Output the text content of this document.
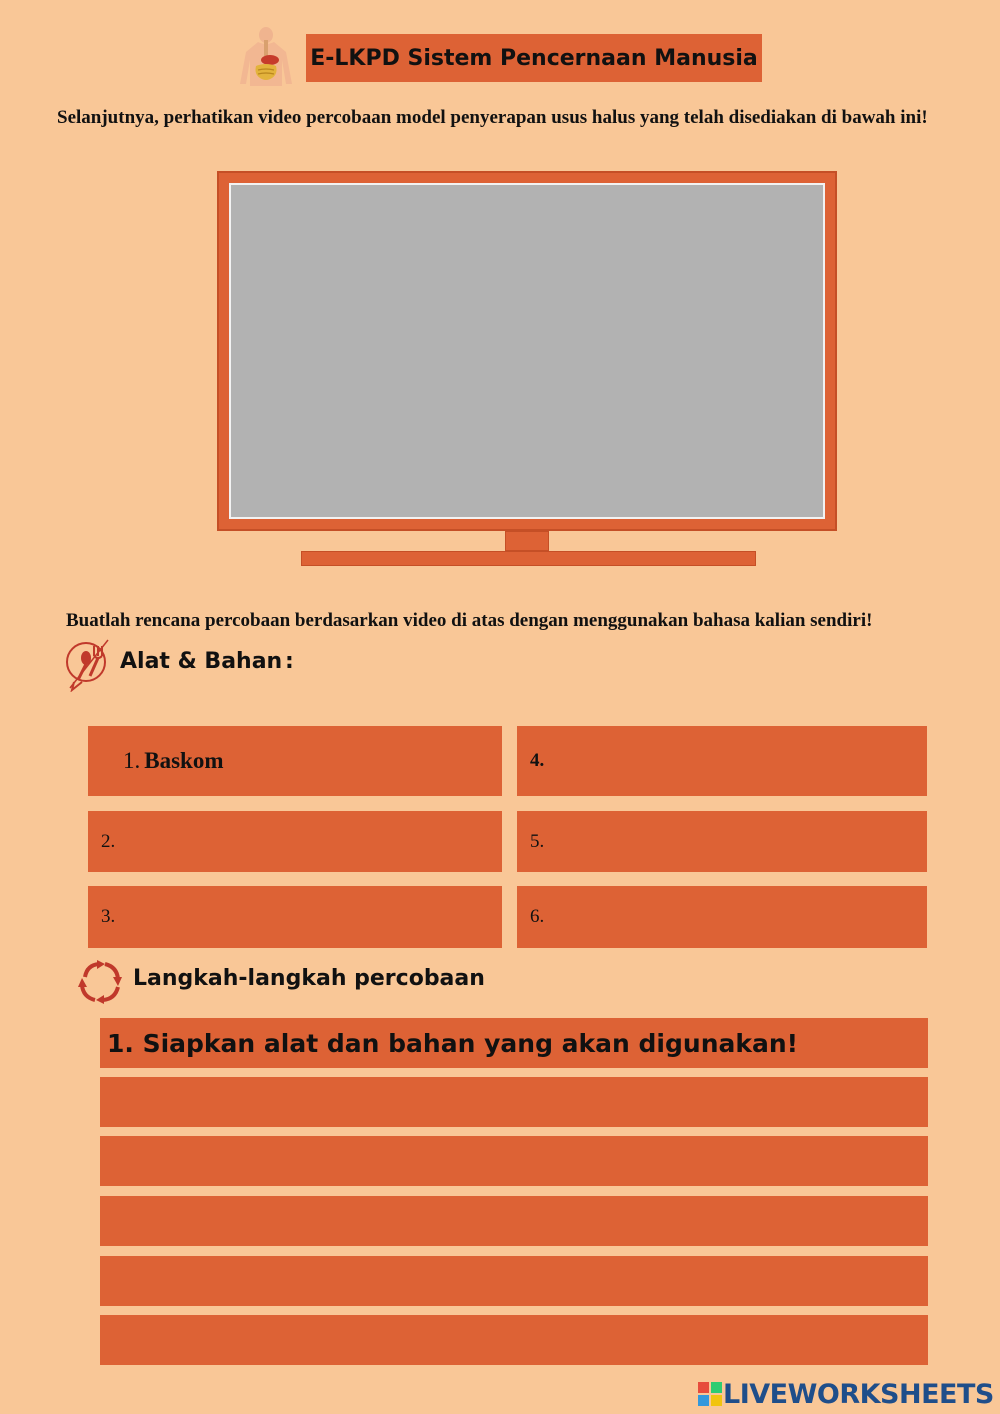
E-LKPD Sistem Pencernaan Manusia
Selanjutnya, perhatikan video percobaan model penyerapan usus halus yang telah disediakan di bawah ini!
Buatlah rencana percobaan berdasarkan video di atas dengan menggunakan bahasa kalian sendiri!
Alat & Bahan :
1. Baskom
2.
3.
4.
5.
6.
Langkah-langkah percobaan
1. Siapkan alat dan bahan yang akan digunakan!
LIVEWORKSHEETS
